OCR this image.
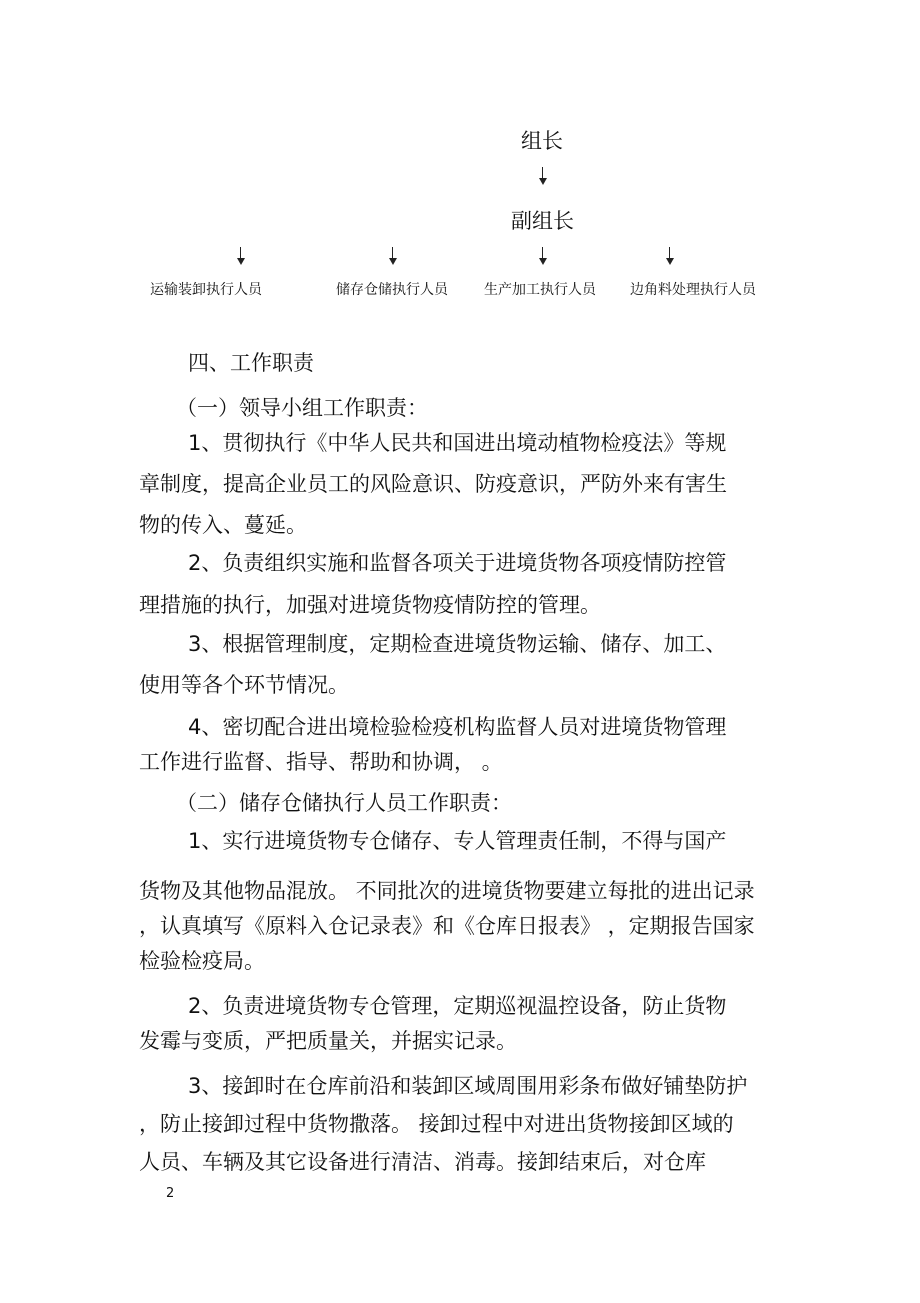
组长
副组长
运输装卸执行人员	储存仓储执行人员	生产加工执行人员 边角料处理执行人员
四、工作职责
（一）领导小组工作职责：
1、贯彻执行《中华人民共和国进出境动植物检疫法》等规
章制度，提高企业员工的风险意识、防疫意识，严防外来有害生
物的传入、蔓延。
2、负责组织实施和监督各项关于进境货物各项疫情防控管
理措施的执行，加强对进境货物疫情防控的管理。
3、根据管理制度，定期检查进境货物运输、储存、加工、
使用等各个环节情况。
4、密切配合进出境检验检疫机构监督人员对进境货物管理
工作进行监督、指导、帮助和协调， 。
（二）储存仓储执行人员工作职责：
1、实行进境货物专仓储存、专人管理责任制，不得与国产
货物及其他物品混放。 不同批次的进境货物要建立每批的进出记录
，认真填写《原料入仓记录表》和《仓库日报表》 ，定期报告国家
检验检疫局。
2、负责进境货物专仓管理，定期巡视温控设备，防止货物
发霉与变质，严把质量关，并据实记录。
3、接卸时在仓库前沿和装卸区域周围用彩条布做好铺垫防护
，防止接卸过程中货物撒落。 接卸过程中对进出货物接卸区域的
人员、车辆及其它设备进行清洁、消毒。接卸结束后，对仓库
2
